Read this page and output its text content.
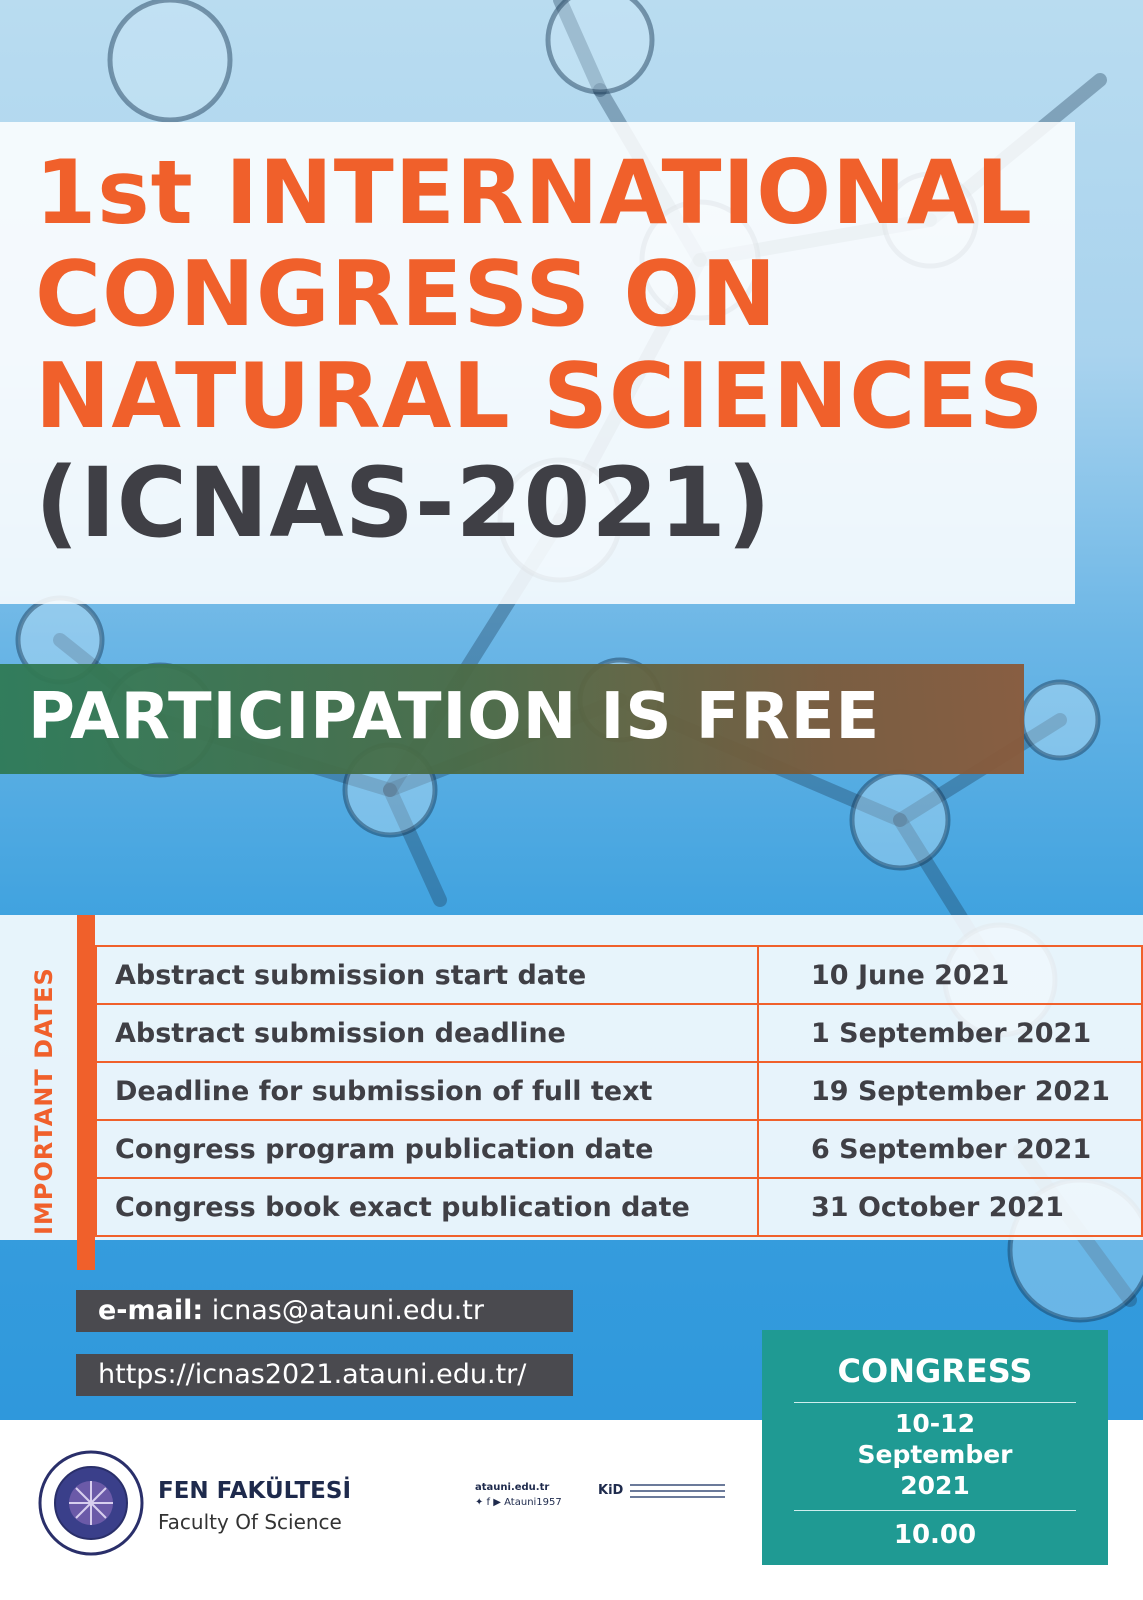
1st INTERNATIONAL
CONGRESS ON
NATURAL SCIENCES
(ICNAS-2021)
PARTICIPATION IS FREE
IMPORTANT DATES Abstract submission start date	10 June 2021
Abstract submission deadline	1 September 2021
Deadline for submission of full text	19 September 2021
Congress program publication date	6 September 2021
Congress book exact publication date	31 October 2021
e-mail: icnas@atauni.edu.tr
https://icnas2021.atauni.edu.tr/	CONGRESS
10-12
September
2021
10.00
FEN FAKÜLTESİ
Faculty Of Science
atauni.edu.tr
✦ f ▶ Atauni1957
KiD
